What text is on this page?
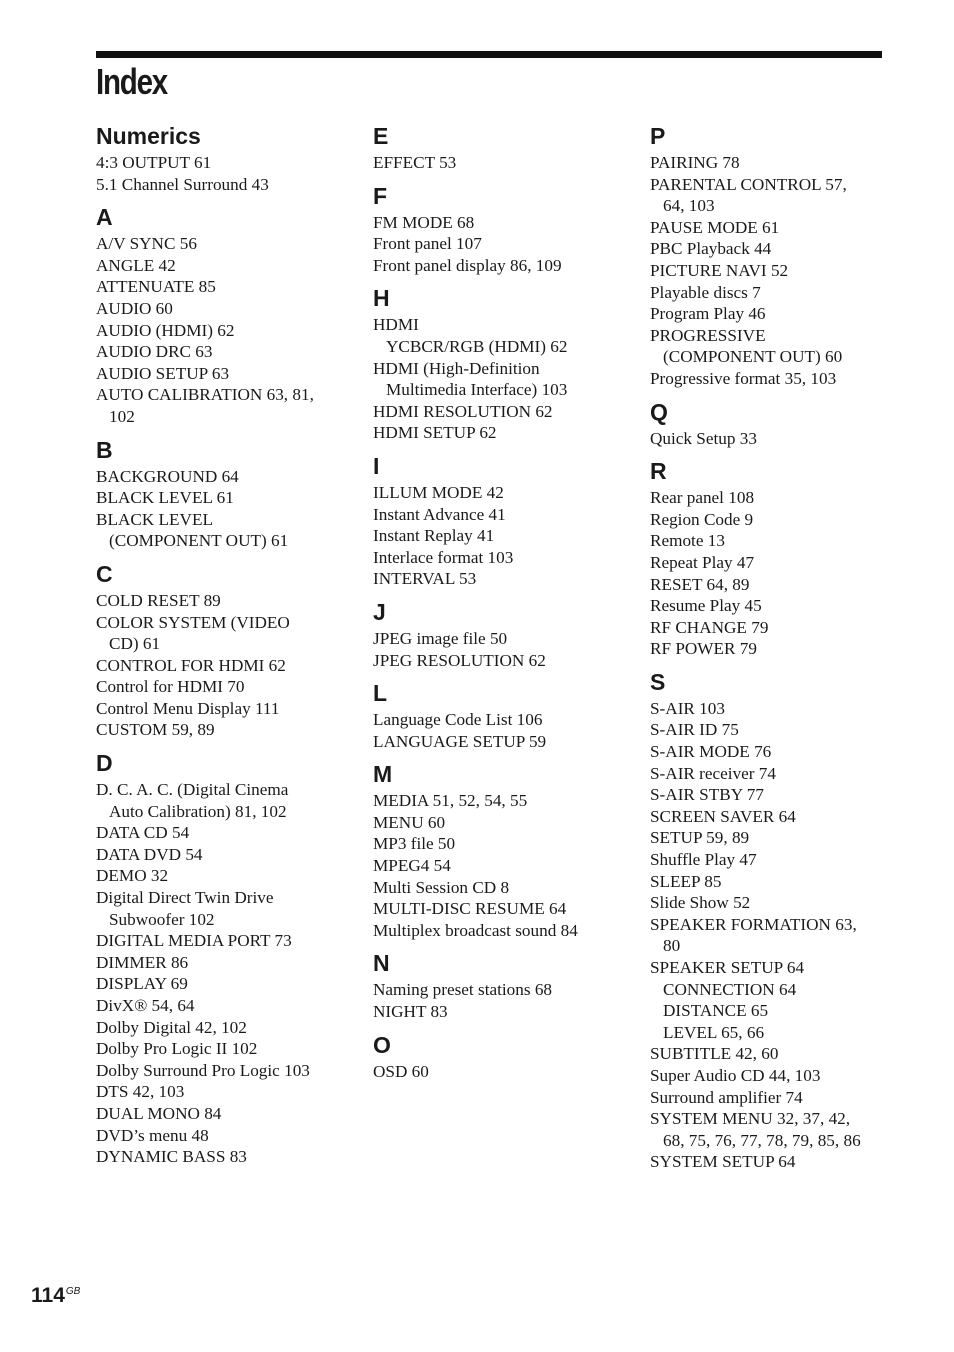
Index
Numerics
4:3 OUTPUT 61
5.1 Channel Surround 43
A
A/V SYNC 56
ANGLE 42
ATTENUATE 85
AUDIO 60
AUDIO (HDMI) 62
AUDIO DRC 63
AUDIO SETUP 63
AUTO CALIBRATION 63, 81,
102
B
BACKGROUND 64
BLACK LEVEL 61
BLACK LEVEL
(COMPONENT OUT) 61
C
COLD RESET 89
COLOR SYSTEM (VIDEO
CD) 61
CONTROL FOR HDMI 62
Control for HDMI 70
Control Menu Display 111
CUSTOM 59, 89
D
D. C. A. C. (Digital Cinema
Auto Calibration) 81, 102
DATA CD 54
DATA DVD 54
DEMO 32
Digital Direct Twin Drive
Subwoofer 102
DIGITAL MEDIA PORT 73
DIMMER 86
DISPLAY 69
DivX® 54, 64
Dolby Digital 42, 102
Dolby Pro Logic II 102
Dolby Surround Pro Logic 103
DTS 42, 103
DUAL MONO 84
DVD’s menu 48
DYNAMIC BASS 83
E
EFFECT 53
F
FM MODE 68
Front panel 107
Front panel display 86, 109
H
HDMI
YCBCR/RGB (HDMI) 62
HDMI (High-Definition
Multimedia Interface) 103
HDMI RESOLUTION 62
HDMI SETUP 62
I
ILLUM MODE 42
Instant Advance 41
Instant Replay 41
Interlace format 103
INTERVAL 53
J
JPEG image file 50
JPEG RESOLUTION 62
L
Language Code List 106
LANGUAGE SETUP 59
M
MEDIA 51, 52, 54, 55
MENU 60
MP3 file 50
MPEG4 54
Multi Session CD 8
MULTI-DISC RESUME 64
Multiplex broadcast sound 84
N
Naming preset stations 68
NIGHT 83
O
OSD 60
P
PAIRING 78
PARENTAL CONTROL 57,
64, 103
PAUSE MODE 61
PBC Playback 44
PICTURE NAVI 52
Playable discs 7
Program Play 46
PROGRESSIVE
(COMPONENT OUT) 60
Progressive format 35, 103
Q
Quick Setup 33
R
Rear panel 108
Region Code 9
Remote 13
Repeat Play 47
RESET 64, 89
Resume Play 45
RF CHANGE 79
RF POWER 79
S
S-AIR 103
S-AIR ID 75
S-AIR MODE 76
S-AIR receiver 74
S-AIR STBY 77
SCREEN SAVER 64
SETUP 59, 89
Shuffle Play 47
SLEEP 85
Slide Show 52
SPEAKER FORMATION 63,
80
SPEAKER SETUP 64
CONNECTION 64
DISTANCE 65
LEVEL 65, 66
SUBTITLE 42, 60
Super Audio CD 44, 103
Surround amplifier 74
SYSTEM MENU 32, 37, 42,
68, 75, 76, 77, 78, 79, 85, 86
SYSTEM SETUP 64
$114^{GB}$
